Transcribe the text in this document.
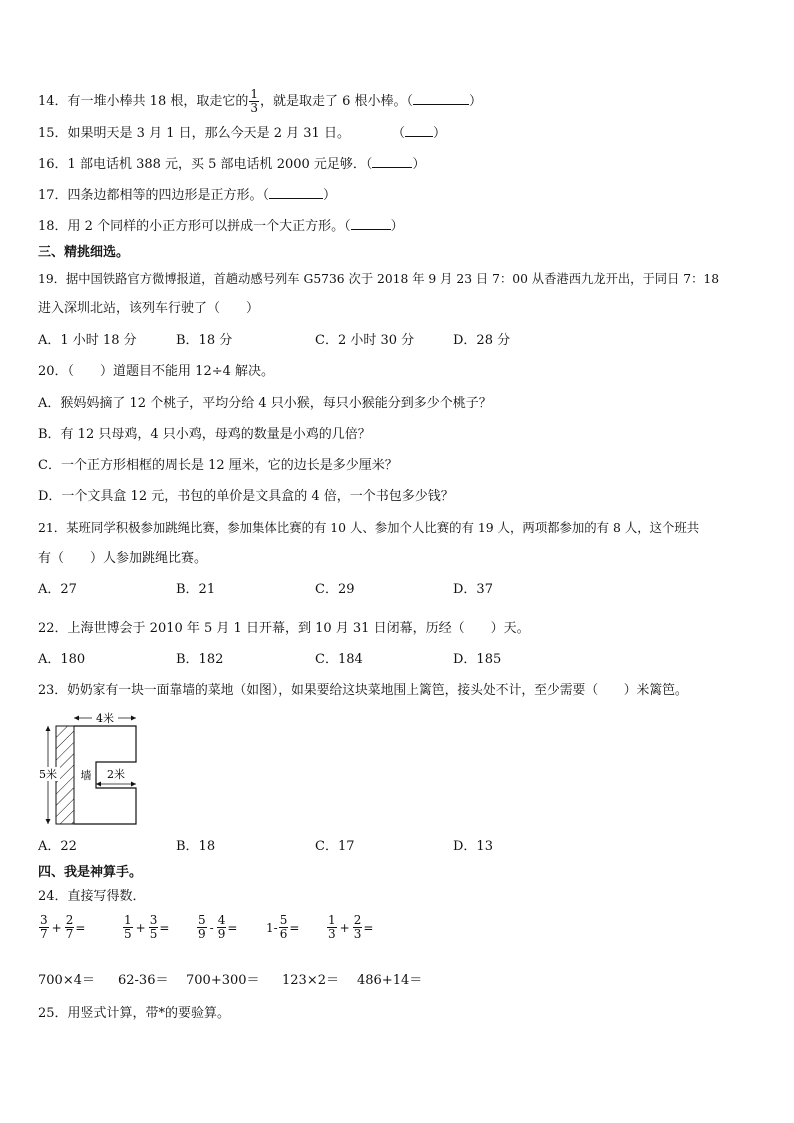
14．有一堆小棒共 18 根，取走它的 $\frac{1}{3}$ ，就是取走了 6 根小棒。（	）
15．如果明天是 3 月 1 日，那么今天是 2 月 31 日。	（ ）
16．1 部电话机 388 元，买 5 部电话机 2000 元足够．（	）
17．四条边都相等的四边形是正方形。（	）
18．用 2 个同样的小正方形可以拼成一个大正方形。（	）
三、精挑细选。
19．据中国铁路官方微博报道，首趟动感号列车 G5736 次于 2018 年 9 月 23 日 7：00 从香港西九龙开出，于同日 7：18
进入深圳北站，该列车行驶了（　　）
A．1 小时 18 分	B．18 分	C．2 小时 30 分	D．28 分
20．（　　）道题目不能用 12÷4 解决。
A．猴妈妈摘了 12 个桃子，平均分给 4 只小猴，每只小猴能分到多少个桃子？
B．有 12 只母鸡，4 只小鸡，母鸡的数量是小鸡的几倍？
C．一个正方形相框的周长是 12 厘米，它的边长是多少厘米？
D．一个文具盒 12 元，书包的单价是文具盒的 4 倍，一个书包多少钱？
21．某班同学积极参加跳绳比赛，参加集体比赛的有 10 人、参加个人比赛的有 19 人，两项都参加的有 8 人，这个班共
有（　　）人参加跳绳比赛。
A．27	B．21	C．29	D．37
22．上海世博会于 2010 年 5 月 1 日开幕，到 10 月 31 日闭幕，历经（　　）天。
A．180	B．182	C．184	D．185
23．奶奶家有一块一面靠墙的菜地（如图），如果要给这块菜地围上篱笆，接头处不计，至少需要（　　）米篱笆。
4米
5米 墙 2米
A．22	B．18	C．17	D．13
四、我是神算手。
24．直接写得数．
$\frac{3}{7} + \frac{2}{7}$ =	$\frac{1}{5} + \frac{3}{5} = \frac{5}{9} - \frac{4}{9} = 1- \frac{5}{6} = \frac{1}{3} + \frac{2}{3}$ =
700×4＝ 62-36＝ 700+300＝ 123×2＝ 486+14＝
25．用竖式计算，带*的要验算。
